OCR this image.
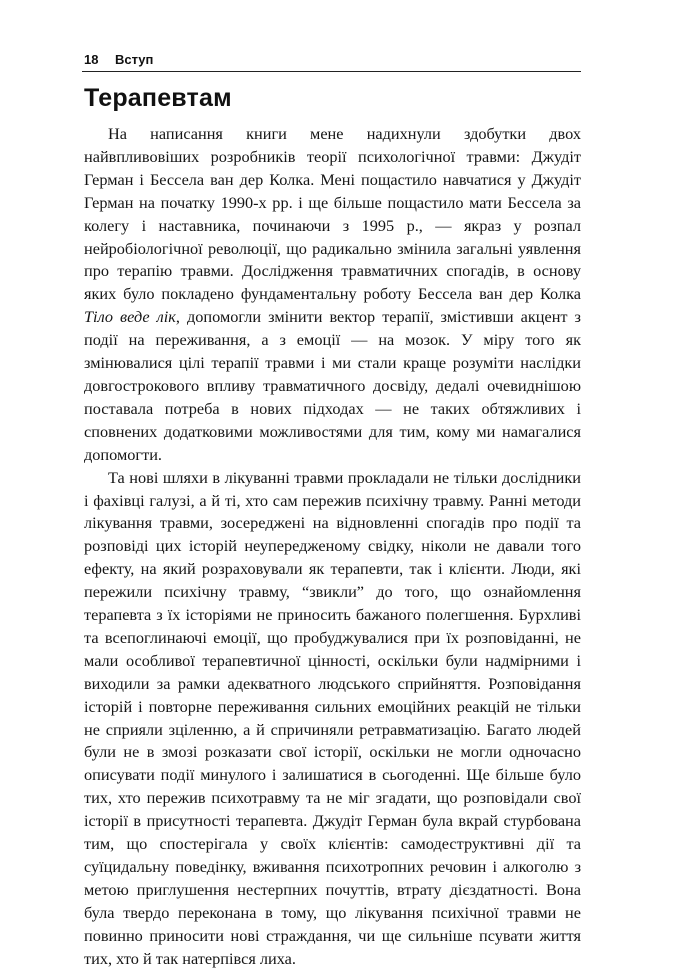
18 Вступ
Терапевтам

На написання книги мене надихнули здобутки двох найвпливовіших розробників теорії психологічної травми: Джудіт Герман і Бессела ван дер Колка. Мені пощастило навчатися у Джудіт Герман на початку 1990-х рр. і ще більше пощастило мати Бессела за колегу і наставника, починаючи з 1995 р., — якраз у розпал нейробіологічної революції, що радикально змінила загальні уявлення про терапію травми. Дослідження травматичних спогадів, в основу яких було покладено фундаментальну роботу Бессела ван дер Колка Тіло веде лік, допомогли змінити вектор терапії, змістивши акцент з події на переживання, а з емоції — на мозок. У міру того як змінювалися цілі терапії травми і ми стали краще розуміти наслідки довгострокового впливу травматичного досвіду, дедалі очевиднішою поставала потреба в нових підходах — не таких обтяжливих і сповнених додатковими можливостями для тим, кому ми намагалися допомогти.

Та нові шляхи в лікуванні травми прокладали не тільки дослідники і фахівці галузі, а й ті, хто сам пережив психічну травму. Ранні методи лікування травми, зосереджені на відновленні спогадів про події та розповіді цих історій неупередженому свідку, ніколи не давали того ефекту, на який розраховували як терапевти, так і клієнти. Люди, які пережили психічну травму, “звикли” до того, що ознайомлення терапевта з їх історіями не приносить бажаного полегшення. Бурхливі та всепоглинаючі емоції, що пробуджувалися при їх розповіданні, не мали особливої терапевтичної цінності, оскільки були надмірними і виходили за рамки адекватного людського сприйняття. Розповідання історій і повторне переживання сильних емоційних реакцій не тільки не сприяли зціленню, а й спричиняли ретравматизацію. Багато людей були не в змозі розказати свої історії, оскільки не могли одночасно описувати події минулого і залишатися в сьогоденні. Ще більше було тих, хто пережив психотравму та не міг згадати, що розповідали свої історії в присутності терапевта. Джудіт Герман була вкрай стурбована тим, що спостерігала у своїх клієнтів: самодеструктивні дії та суїцидальну поведінку, вживання психотропних речовин і алкоголю з метою приглушення нестерпних почуттів, втрату дієздатності. Вона була твердо переконана в тому, що лікування психічної травми не повинно приносити нові страждання, чи ще сильніше псувати життя тих, хто й так натерпівся лиха.
